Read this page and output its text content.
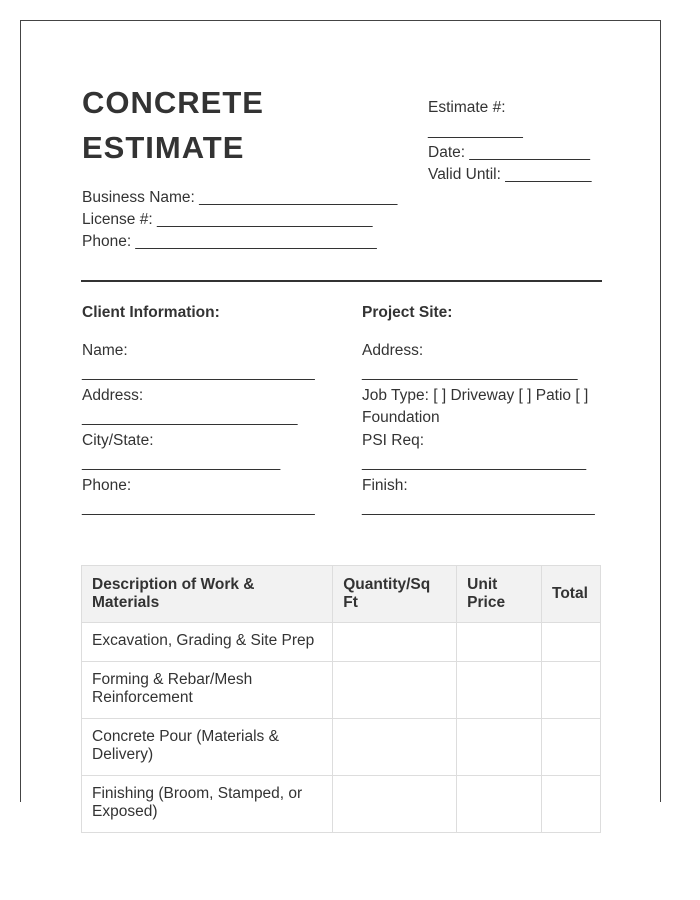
CONCRETE
ESTIMATE
Business Name: _______________________
License #: _________________________
Phone: ____________________________
Estimate #:
___________
Date: ______________
Valid Until: __________
Client Information:
Name:
___________________________
Address:
_________________________
City/State:
_______________________
Phone:
___________________________
Project Site:
Address:
_________________________
Job Type: [ ] Driveway [ ] Patio [ ]
Foundation
PSI Req:
__________________________
Finish:
___________________________
Description of Work & Materials	Quantity/Sq Ft	Unit Price	Total
Excavation, Grading & Site Prep			
Forming & Rebar/Mesh Reinforcement			
Concrete Pour (Materials & Delivery)			
Finishing (Broom, Stamped, or Exposed)			
